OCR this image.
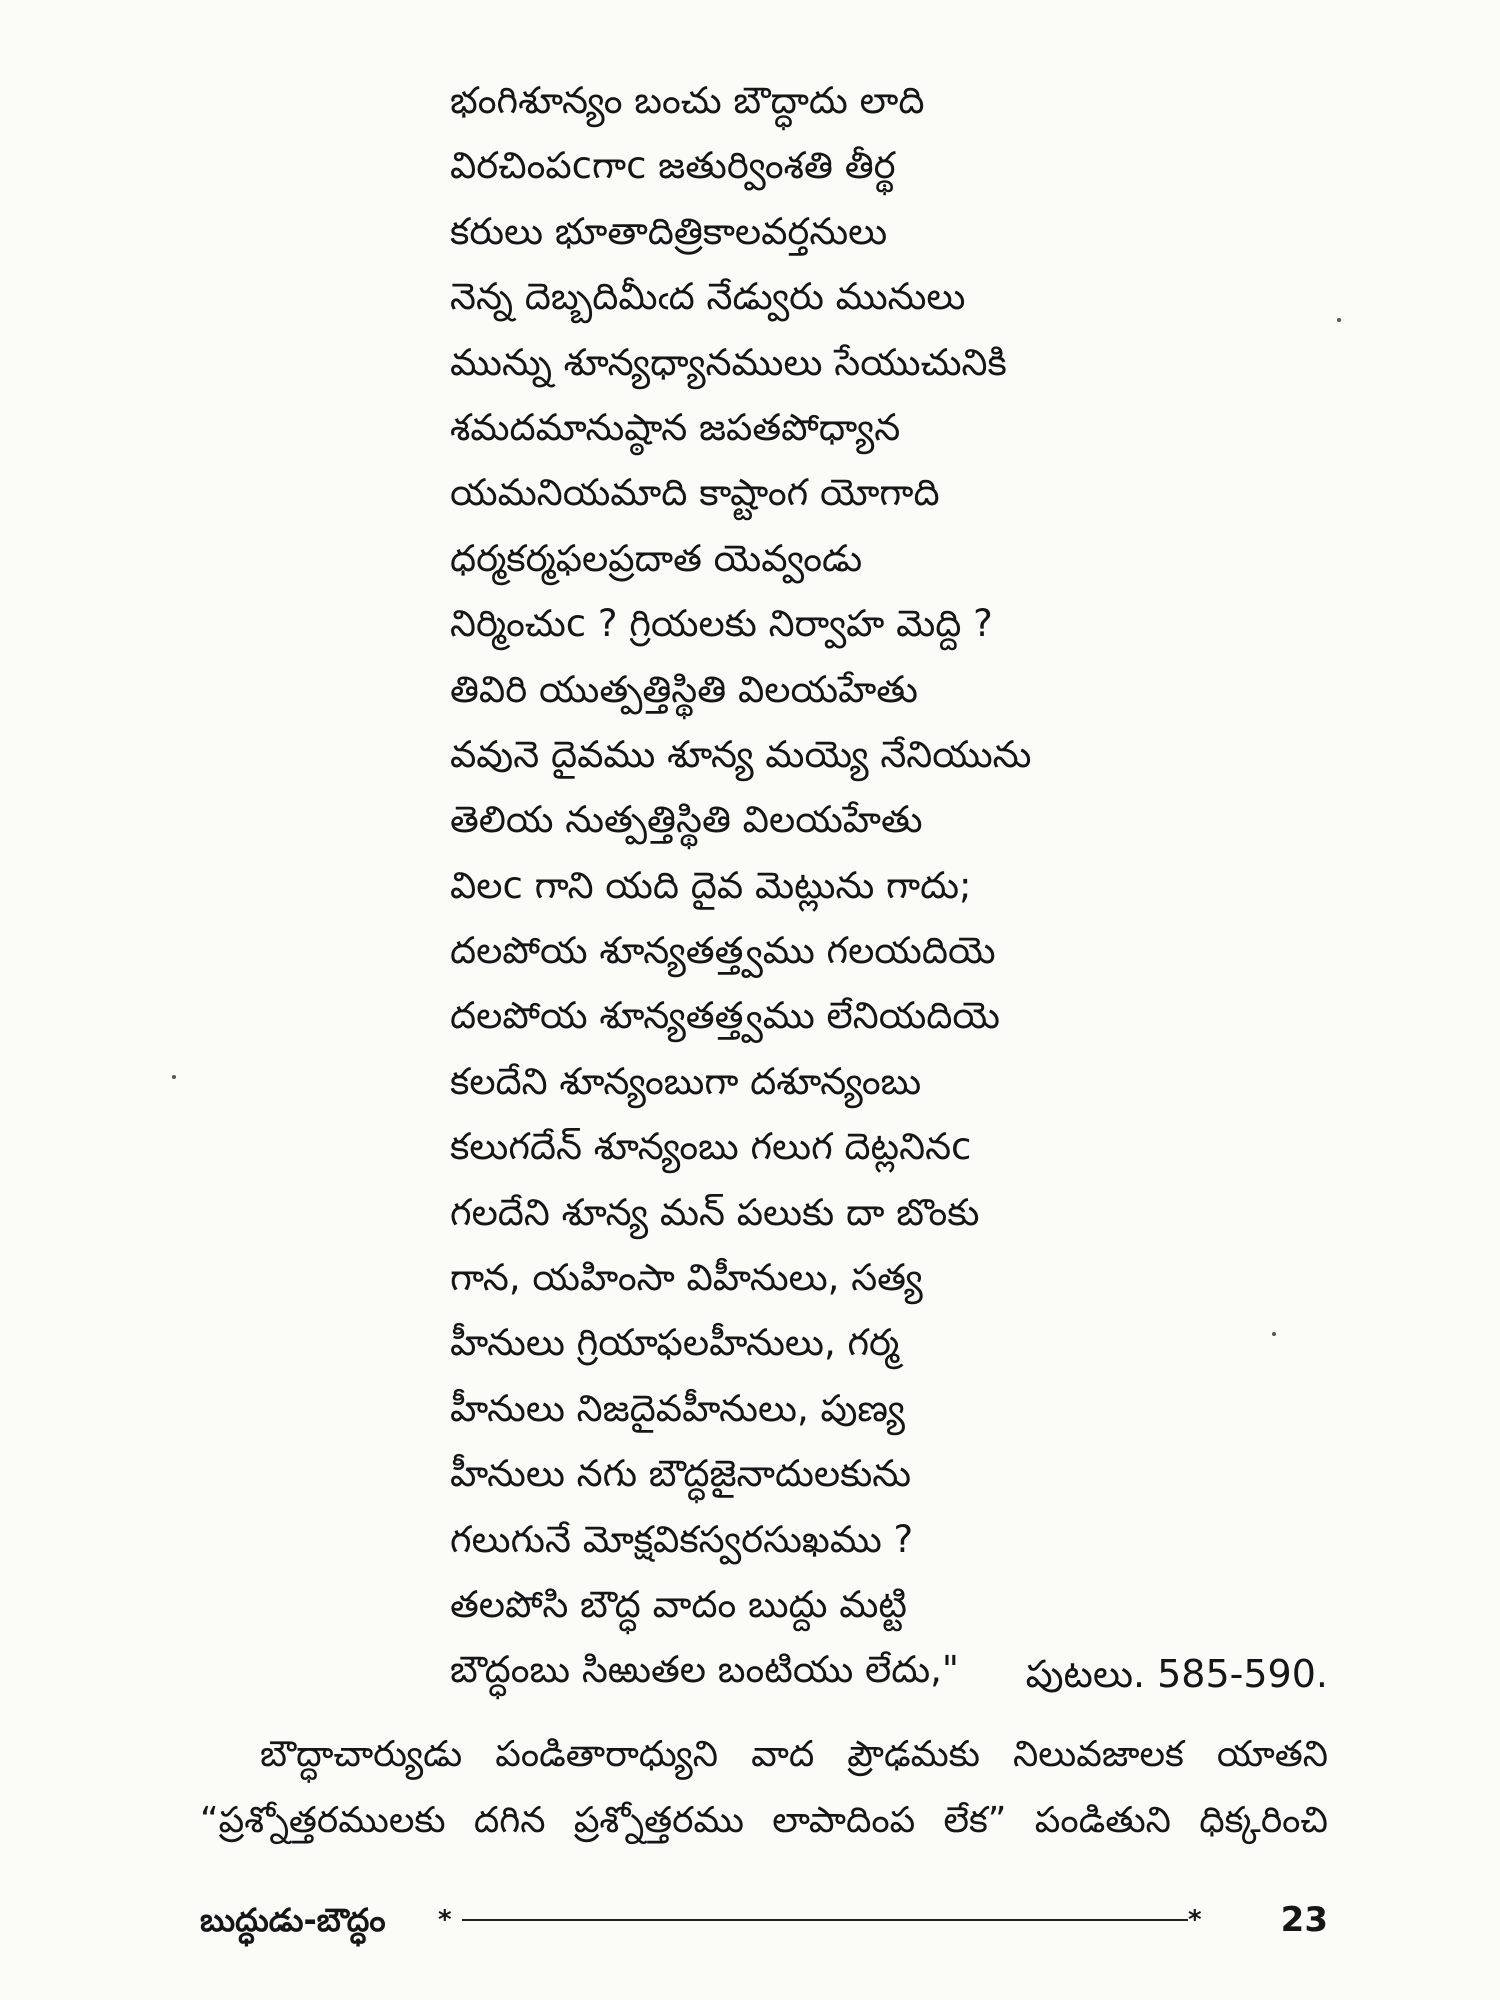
భంగిశూన్యం బంచు బౌద్ధాదు లాది
విరచింపcగాc జతుర్వింశతి తీర్థ
కరులు భూతాదిత్రికాలవర్తనులు
నెన్న దెబ్బదిమీఁద నేడ్వురు మునులు
మున్ను శూన్యధ్యానములు సేయుచునికి
శమదమానుష్ఠాన జపతపోధ్యాన
యమనియమాది కాష్టాంగ యోగాది
ధర్మకర్మఫలప్రదాత యెవ్వండు
నిర్మించుc ? గ్రియలకు నిర్వాహ మెద్ది ?
తివిరి యుత్పత్తిస్థితి విలయహేతు
వవునె దైవము శూన్య మయ్యె నేనియును
తెలియ నుత్పత్తిస్థితి విలయహేతు
విలc గాని యది దైవ మెట్లును గాదు;
దలపోయ శూన్యతత్త్వము గలయదియె
దలపోయ శూన్యతత్త్వము లేనియదియె
కలదేని శూన్యంబుగా దశూన్యంబు
కలుగదేన్ శూన్యంబు గలుగ దెట్లనినc
గలదేని శూన్య మన్ పలుకు దా బొంకు
గాన, యహింసా విహీనులు, సత్య
హీనులు గ్రియాఫలహీనులు, గర్మ
హీనులు నిజదైవహీనులు, పుణ్య
హీనులు నగు బౌద్ధజైనాదులకును
గలుగునే మోక్షవికస్వరసుఖము ?
తలపోసి బౌద్ధ వాదం బుద్దు మట్టి
బౌద్ధంబు సిఱుతల బంటియు లేదు,"	పుటలు. 585-590.

బౌద్ధాచార్యుడు పండితారాధ్యుని వాద ప్రౌఢమకు నిలువజాలక యాతని

“ప్రశ్నోత్తరములకు దగిన ప్రశ్నోత్తరము లాపాదింప లేక” పండితుని ధిక్కరించి

బుద్ధుడు-బౌద్ధం *	* 23
